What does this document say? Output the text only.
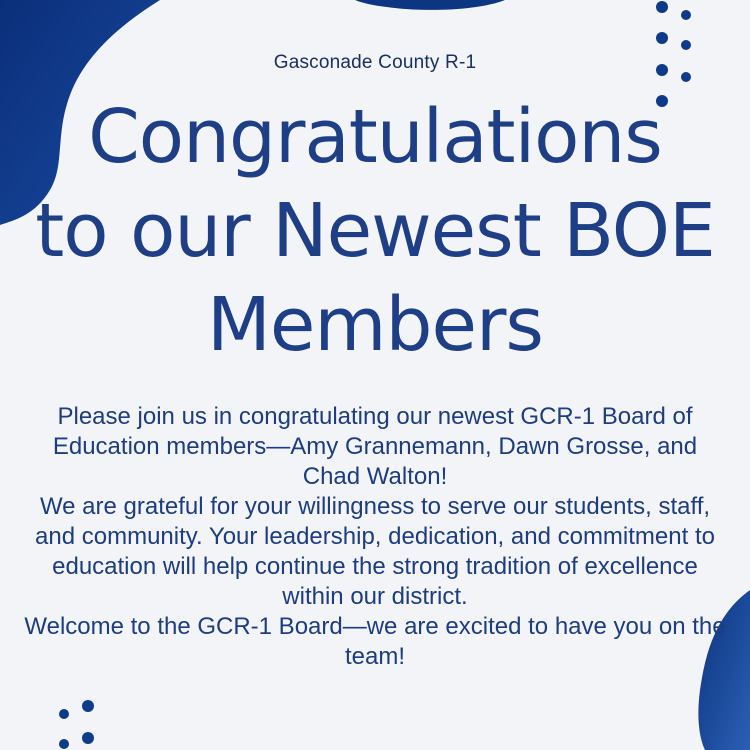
Gasconade County R-1
Congratulations
to our Newest BOE
Members

Please join us in congratulating our newest GCR-1 Board of Education members—Amy Grannemann, Dawn Grosse, and Chad Walton!

We are grateful for your willingness to serve our students, staff, and community. Your leadership, dedication, and commitment to education will help continue the strong tradition of excellence within our district.

Welcome to the GCR-1 Board—we are excited to have you on the team!
